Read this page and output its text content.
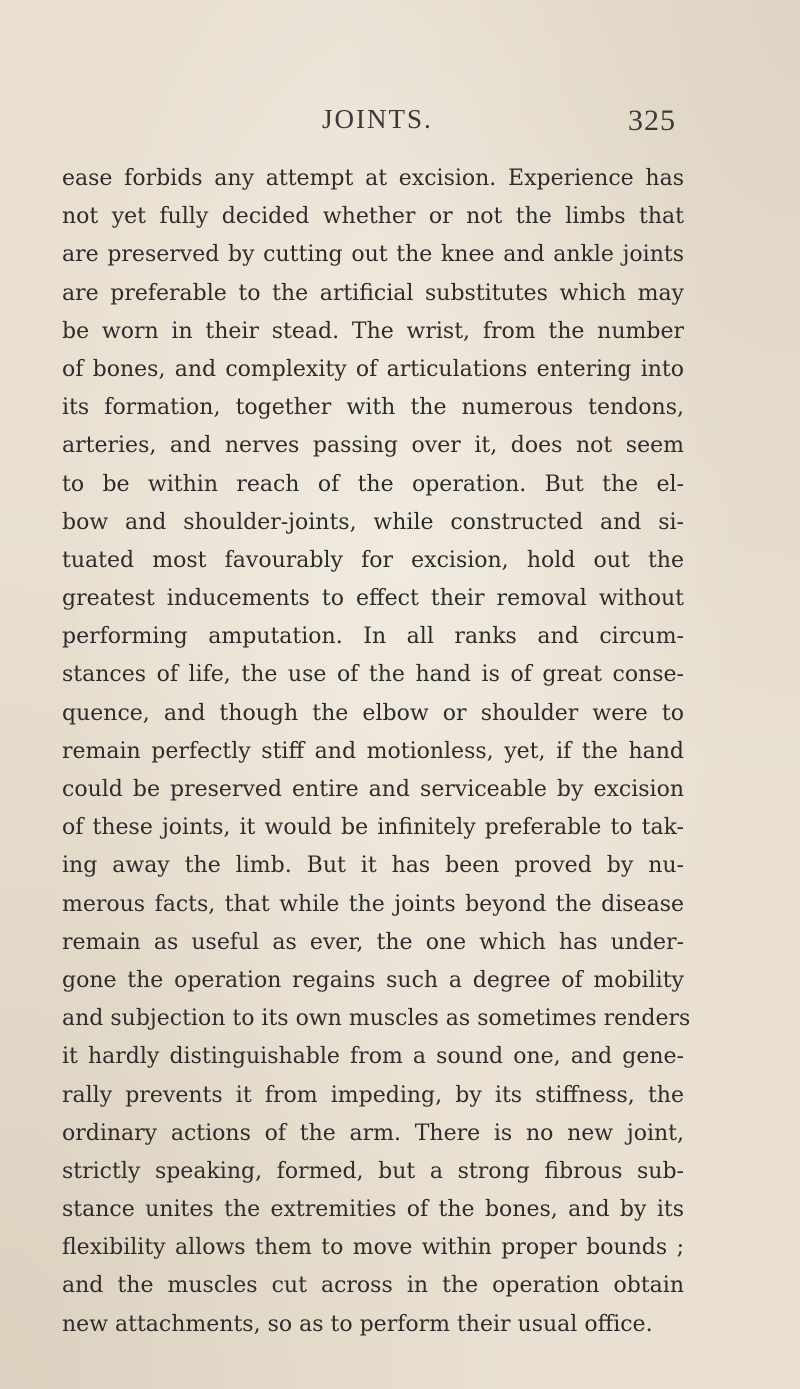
JOINTS.	325
ease forbids any attempt at excision. Experience has
not yet fully decided whether or not the limbs that
are preserved by cutting out the knee and ankle joints
are preferable to the artificial substitutes which may
be worn in their stead. The wrist, from the number
of bones, and complexity of articulations entering into
its formation, together with the numerous tendons,
arteries, and nerves passing over it, does not seem
to be within reach of the operation. But the el-
bow and shoulder-joints, while constructed and si-
tuated most favourably for excision, hold out the
greatest inducements to effect their removal without
performing amputation. In all ranks and circum-
stances of life, the use of the hand is of great conse-
quence, and though the elbow or shoulder were to
remain perfectly stiff and motionless, yet, if the hand
could be preserved entire and serviceable by excision
of these joints, it would be infinitely preferable to tak-
ing away the limb. But it has been proved by nu-
merous facts, that while the joints beyond the disease
remain as useful as ever, the one which has under-
gone the operation regains such a degree of mobility
and subjection to its own muscles as sometimes renders
it hardly distinguishable from a sound one, and gene-
rally prevents it from impeding, by its stiffness, the
ordinary actions of the arm. There is no new joint,
strictly speaking, formed, but a strong fibrous sub-
stance unites the extremities of the bones, and by its
flexibility allows them to move within proper bounds ;
and the muscles cut across in the operation obtain
new attachments, so as to perform their usual office.
